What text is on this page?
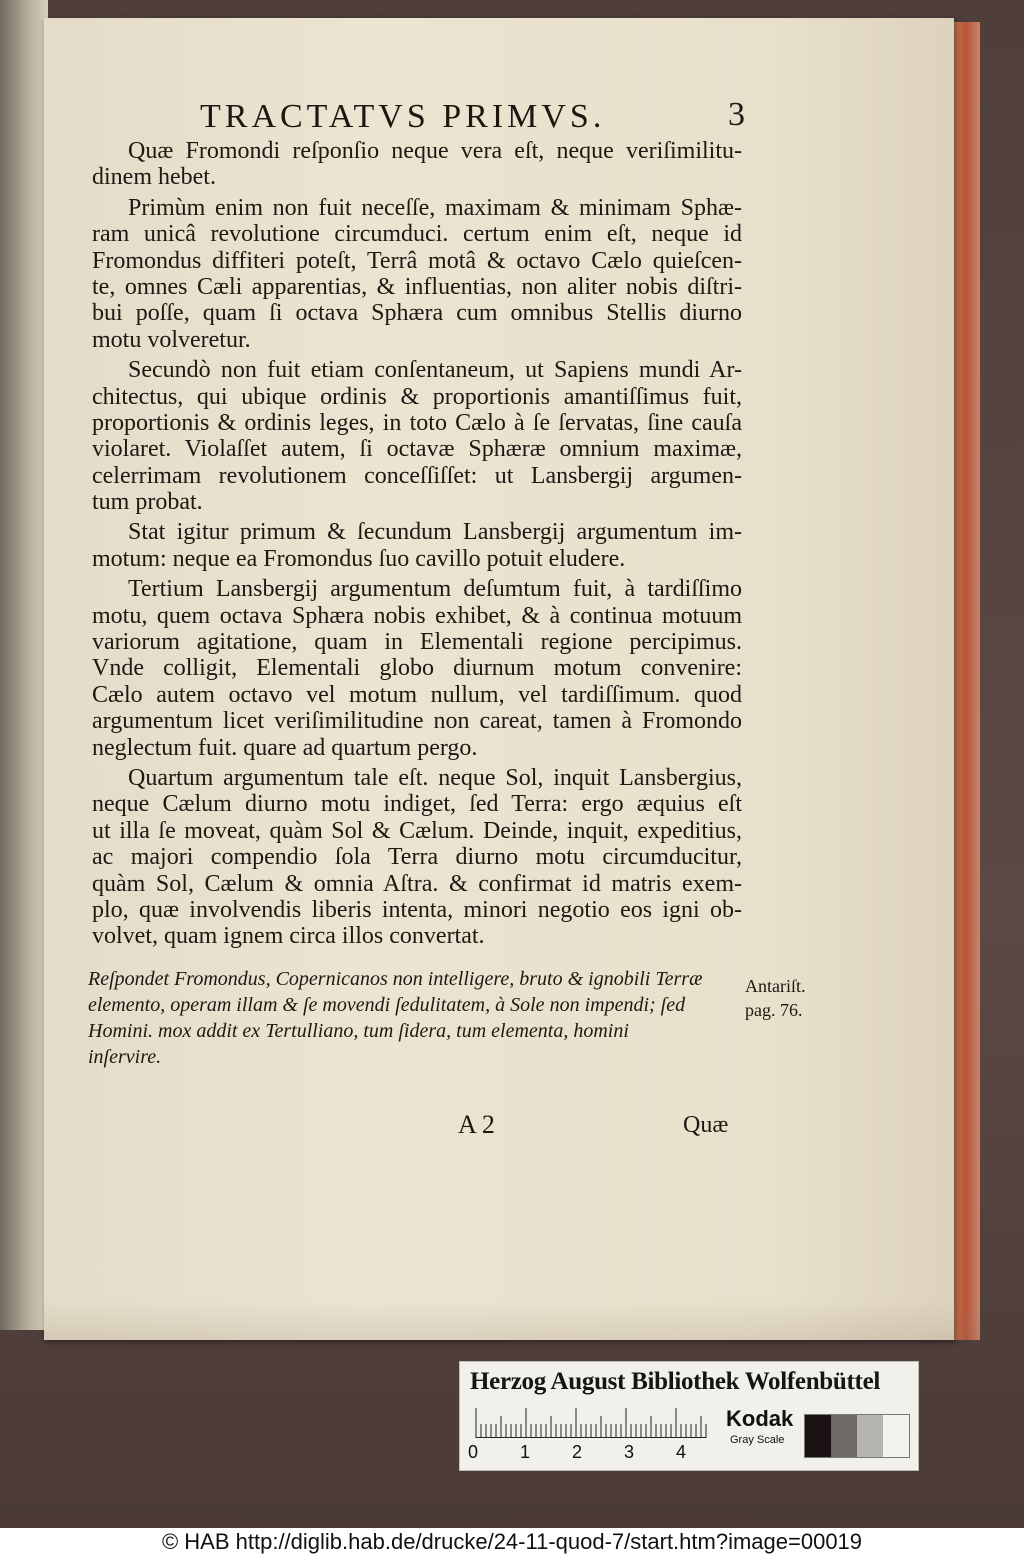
TRACTATVS PRIMVS.	3
Quæ Fromondi reſponſio neque vera eſt, neque veriſimilitu-
dinem hebet.
Primùm enim non fuit neceſſe, maximam & minimam Sphæ-
ram unicâ revolutione circumduci. certum enim eſt, neque id
Fromondus diffiteri poteſt, Terrâ motâ & octavo Cælo quieſcen-
te, omnes Cæli apparentias, & influentias, non aliter nobis diſtri-
bui poſſe, quam ſi octava Sphæra cum omnibus Stellis diurno
motu volveretur.
Secundò non fuit etiam conſentaneum, ut Sapiens mundi Ar-
chitectus, qui ubique ordinis & proportionis amantiſſimus fuit,
proportionis & ordinis leges, in toto Cælo à ſe ſervatas, ſine cauſa
violaret. Violaſſet autem, ſi octavæ Sphæræ omnium maximæ,
celerrimam revolutionem conceſſiſſet: ut Lansbergij argumen-
tum probat.
Stat igitur primum & ſecundum Lansbergij argumentum im-
motum: neque ea Fromondus ſuo cavillo potuit eludere.
Tertium Lansbergij argumentum deſumtum fuit, à tardiſſimo
motu, quem octava Sphæra nobis exhibet, & à continua motuum
variorum agitatione, quam in Elementali regione percipimus.
Vnde colligit, Elementali globo diurnum motum convenire:
Cælo autem octavo vel motum nullum, vel tardiſſimum. quod
argumentum licet veriſimilitudine non careat, tamen à Fromondo
neglectum fuit. quare ad quartum pergo.
Quartum argumentum tale eſt. neque Sol, inquit Lansbergius,
neque Cælum diurno motu indiget, ſed Terra: ergo æquius eſt
ut illa ſe moveat, quàm Sol & Cælum. Deinde, inquit, expeditius,
ac majori compendio ſola Terra diurno motu circumducitur,
quàm Sol, Cælum & omnia Aſtra. & confirmat id matris exem-
plo, quæ involvendis liberis intenta, minori negotio eos igni ob-
volvet, quam ignem circa illos convertat.
Reſpondet Fromondus, Copernicanos non intelligere, bruto & ignobili Terræ
elemento, operam illam & ſe movendi ſedulitatem, à Sole non impendi; ſed
Homini. mox addit ex Tertulliano, tum ſidera, tum elementa, homini
inſervire.
Antariſt.
pag. 76.
A 2	Quæ
Herzog August Bibliothek Wolfenbüttel
0 1 2 3 4
Kodak
Gray Scale
© HAB http://diglib.hab.de/drucke/24-11-quod-7/start.htm?image=00019
